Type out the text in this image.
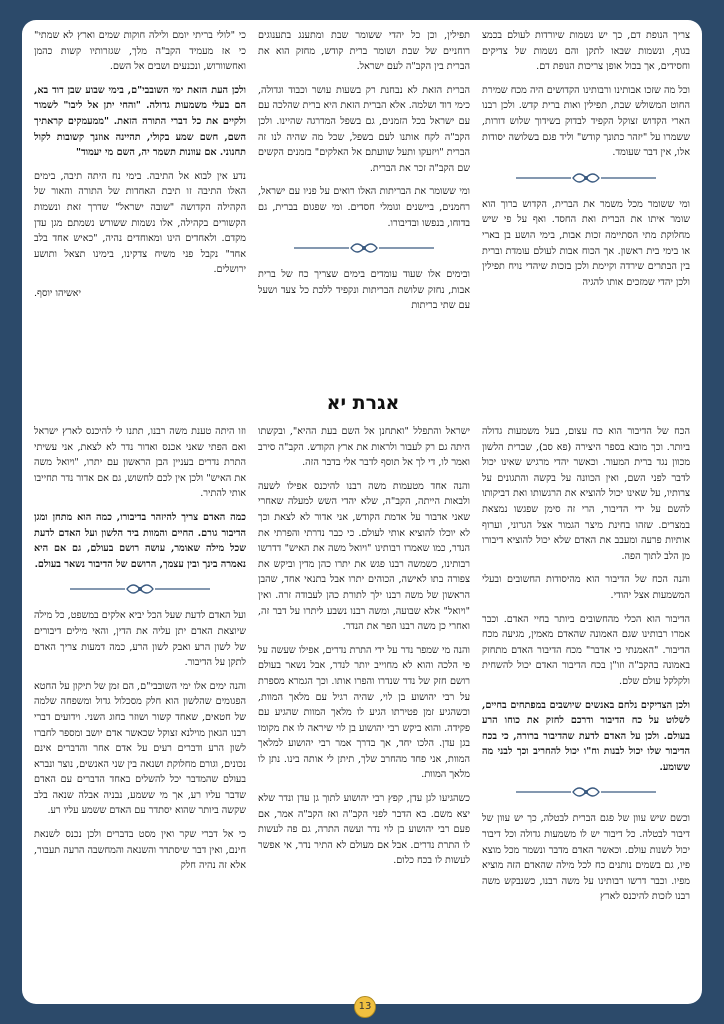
צריך הנופת דם, כך יש נשמות שיורדות לעולם בכמצ בגוף, ונשמות שבאו לתקן והם נשמות של צדיקים וחסידים, אך בכול אופן צריכות הנופת דם.

וכל מה שזכו אבותינו ורבותינו הקדושים היה מכח שמירת החוט המשולש שבת, תפילין ואות ברית קדש. ולכן רבנו הארי הקדוש זצוקל הקפיד לבדוק בשידוך שלוש דורות, ששמרו על "יזהר כתונך קודש" וליד פגם בשלושה יסודות אלו, אין דבר שעומד.

ומי ששומר מכל משמר את הברית, הקדוש ברוך הוא שומר איתו את הברית ואת החסד. ואף על פי שיש מחלוקת מתי הסתיימה זכות אבות, בימי הושע בן בארי או בימי בית ראשון. אך הכוח אבות לעולם עומדת וברית בין הבתרים שירדה וקיימת ולכן בזכות שיהדי נויח תפילין ולכן יהדי שמזכים אותו להגיה

תפילין, וכן כל יהדי ששומר שבת ומתענג בתענוגים רוחניים של שבת ושומר ברית קודש, מחזק הוא את הברית בין הקב"ה לעם ישראל.

הברית הזאת לא נבחנת רק בשעות עושר וכבוד וגדולה, כימי דוד ושלמה. אלא הברית הזאת היא ברית שהלכה עם עם ישראל בכל הזמנים, גם בשפל המדרגה שהיינו. ולכן הקב"ה לקח אותנו לעם בשפל, שכל מה שהיה לנו זה הברית "ויזעקו ותעל שוועתם אל האלקים" בזמנים הקשים שם הקב"ה זכר את הברית.

ומי ששומר את הבריתות האלו רואים על פניו עם ישראל, רחמנים, ביישנים וגומלי חסדים. ומי שפגום בברית, גם בדוחו, בנפשו ובדיבורו.

ובימים אלו שעוד עומדים בימים שצריך כח של ברית אבות, נחזק שלושת הבריתות ונקפיד ללכת כל צעד ושעל עם שתי בריתות

כי "לולי בריתי יומם ולילה חוקות שמים וארץ לא שמתי" כי אז מעמיד הקב"ה מלך, שגזרותיו קשות כהמן ואחשוורוש, ונכנעים ושבים אל השם.

ולכן העת הזאת ימי השובבי"ם, בימי שבוע שבן דוד בא, הם בעלי משמעות גדולה. "והחי יתן אל ליבו" לשמור ולקיים את כל דברי התורה הזאת. "ממעמקים קראתיך השם, חשם שמע בקולי, תהיינה אוזנך קשובות לקול תחנוני. אם עוונות תשמר יה, השם מי יעמוד"

נדע אין לבוא אל התיבה. בימי נח היתה תיבה, בימים האלו התיבה זו תיבת האחדות של התורה והאור של הקהילה הקדושה "שובה ישראל" שדרך זאת ונשמות הקשורים בקהילה, אלו נשמות ששורש נשמתם מגן עדן מקדם. ולאחדים הינו ומאוחדים נהיה, "כאיש אחד בלב אחד" נקבל פני משיח צדקינו, בימינו תצאל ותושע ירושלים.

יאשיהו יוסף.

אגרת יא

הכח של הדיבור הוא כח עצום, בעל משמעות גדולה ביותר. וכך מובא בספר היצירה (פא סב), שברית הלשון מכוון נגד ברית המעור. וכאשר יהדי מרגיש שאינו יכול לדבר לפני השם, ואין הכוונה על בקשה והתגונים על צרותיו, על שאינו יכול להוציא את הרגשותו ואת דביקותו להשם על ידי הדיבור, הרי זה סימן שפגשו נמצאת במצרים. שזהו בחינת מיצר הגמור אצל הגרוני, וערוף אותיות פרעה ומעבב את האדם שלא יכול להוציא דיבורו מן הלב לתוך הפה.

והנה הכח של הדיבור הוא מהיסודות החשובים ובעלי המשמעות אצל יהודי.

הדיבור הוא הכלי מהחשובים ביותר בחיי האדם. וכבר אמרו רבותינו שגם האמונה שהאדם מאמין, מגיעה מכח הדיבור. "האמנתי כי אדבר" מכח הדיבור האדם מתחזק באמונה בהקב"ה וזו"ן בכח הדיבור האדם יכול להשחית ולקלקל עולם שלם.

ולכן הצדיקים נלחם באנשים שיושבים במפתחים בחיים, לשלוט על כח הדיבור ודרכם לחזק את כוחו הרע בעולם. ולכן על האדם לדעת שהדיבור ברורה, כי בכח הדיבור שלו יכול לבנות וח"ו יכול להחריב וכך לבני מה ששומע.

וכשם שיש עוון של פגם הברית לבטלה, כך יש עוון של דיבור לבטלה. כל דיבור יש לו משמעות גדולה וכל דיבור יכול לשנות עולם. וכאשר האדם מדבר ונשמר מכל מוצא פיו, גם בשמים נותנים כח לכל מילה שהאדם הזה מוציא מפיו. וכבר דרשו רבותינו על משה רבנו, כשנבקש משה רבנו לזכות להיכנס לארץ

ישראל והתפלל "ואתחנן אל השם בעת ההיא", ובקשתו היתה גם רק לעבור ולראות את ארץ הקודש. הקב"ה סירב ואמר לו, די לך אל תוסף לדבר אלי בדבר הזה.

והנה אחד מטעמות משה רבנו להיכנס אפילו לשעה ולבאות הייתה, הקב"ה, שלא יהדי השש למעלה שאחרי שאני אדבור על אדמת הקודש, אני אדור לא לצאת וכך לא יוכלו להוציא אותי לעולם. כי כבר נדרתי והפרתי את הנדר, כמו שאמרו רבותינו "ויואל משה את האיש" דדרשו רבותינו, כשמשה רבנו פגש את יתרו כהן מדין וביקש את צפורה בתו לאישה, הכוהים יתרו אבל בתנאי אחד, שהבן הראשון של משה רבנו ילך לתורת כהן לעבודה זרה. ואין "ויואל" אלא שבועה, ומשה רבנו נשבע ליתרו על דבר זה, ואחרי כן משה רבנו הפר את הנדר.

והנה מי שמפר נדר על ידי התרת נדרים, אפילו שעשה על פי הלכה והוא לא מחוייב יותר לנדר, אבל נשאר בעולם רושם חזק של נדר שנדרו והפרו אותו. וכך הגמרא מספרת על רבי יהושוע בן לוי, שהיה רגיל עם מלאך המוות, וכשהגיע זמן פטירתו הגיע לו מלאך המוות שהגיע עם פקידה. והוא ביקש רבי יהושוע בן לוי שיראה לו את מקומו בגן עדן. הלכו יחד, אך בדרך אמר רבי יהושוע למלאך המוות, אני פחד מהחרב שלך, תיתן לי אותה בינו. נתן לו מלאך המוות.

כשהגיעו לגן עדן, קפץ רבי יהושוע לתוך גן עדן ונדר שלא יצא משם. בא הדבר לפני הקב"ה ואז הקב"ה אמר, אם פעם רבי יהושוע בן לוי נדר ועשה התרה, גם פה לעשות לו התרת נדרים. אבל אם מעולם לא התיר נדר, אי אפשר לעשות לו בכח כלום.

וזו היתה טענת משה רבנו, תתנו לי להיכנס לארץ ישראל ואם הפתי שאני אכנס ואדור נדר לא לצאת, אני עשיתי התרת נדרים בעניין הבן הראשון עם יתרו, "ויואל משה את האיש" ולכן אין לכם לחשוש, גם אם אדור נדר תחייבו אותי להתיר.

כמה האדם צריך להיזהר בדיבורו, כמה הוא מתחן ומגן הדיבור גורם. החיים והמוות ביד הלשון ועל האדם לדעת שכל מילה שאומר, עושה רושם בעולם, גם אם היא נאמרה בינך ובין עצמך, הרושם של הדיבור נשאר בעולם.

ועל האדם לדעת שעל הכל יביא אלקים במשפט, כל מילה שיוצאת האדם יתן עליה את הדין, והאי מילים דיבורים של לשון הרע ואבק לשון הרע, כמה דמעות צריך האדם לתקן על הדיבור.

והנה ימים אלו ימי השובבי"ם, הם זמן של תיקון על החטא הפגומים שהלשון הוא חלק מסכלול גדול ומשפחה שלמה של חטאים, שאחד קשור ושוזר בחוג השני. וידועים דברי רבנו הגאון מוילנא זצוקל שכאשר אדם יושב ומספר לחברו לשון הרע ודברים רעים על אדם אחר והדברים אינם נכונים, וגורם מחלוקת ושנאה בין שני האנשים, נוצר ונברא בעולם שהמדבר יכל להשלים באחד הדברים עם האדם שדבר עליו רע, אך מי ששמע, נבניה אבלה שנאה בלב שקשה ביותר שהוא יסתדר עם האדם ששמע עליו רע.

כי אל דברי שקר ואין מסט בדברים ולכן נכנס לשנאת חינם, ואין דבר שיסתדר והשנאה והמחשבה הרעה תעבור, אלא זה נהיה חלק

13
